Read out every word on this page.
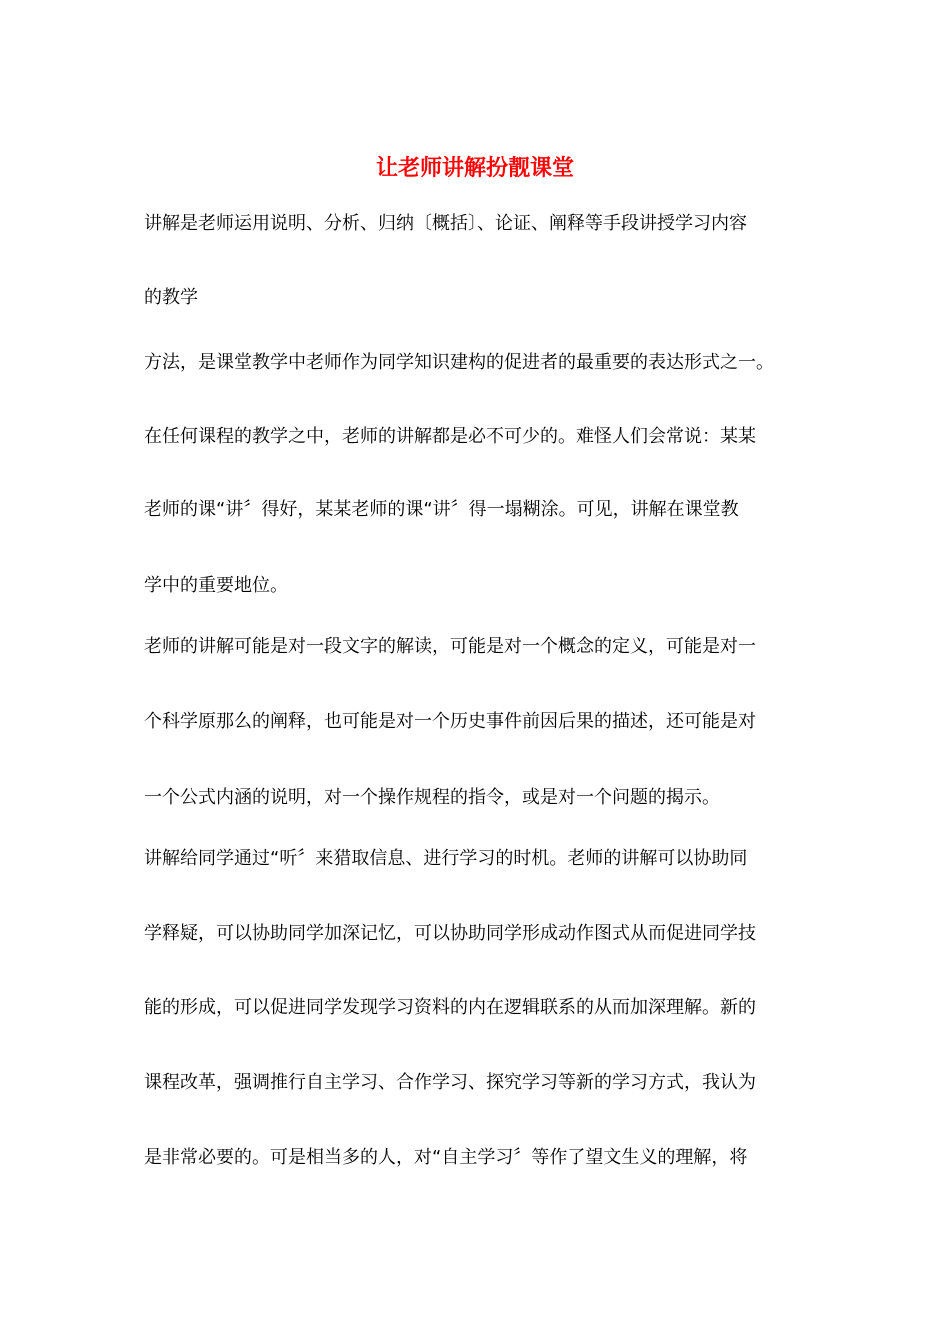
让老师讲解扮靓课堂
讲解是老师运用说明、分析、归纳〔概括〕、论证、阐释等手段讲授学习内容
的教学
方法，是课堂教学中老师作为同学知识建构的促进者的最重要的表达形式之一。
在任何课程的教学之中，老师的讲解都是必不可少的。难怪人们会常说：某某
老师的课“讲〞得好，某某老师的课“讲〞得一塌糊涂。可见，讲解在课堂教
学中的重要地位。
老师的讲解可能是对一段文字的解读，可能是对一个概念的定义，可能是对一
个科学原那么的阐释，也可能是对一个历史事件前因后果的描述，还可能是对
一个公式内涵的说明，对一个操作规程的指令，或是对一个问题的揭示。
讲解给同学通过“听〞来猎取信息、进行学习的时机。老师的讲解可以协助同
学释疑，可以协助同学加深记忆，可以协助同学形成动作图式从而促进同学技
能的形成，可以促进同学发现学习资料的内在逻辑联系的从而加深理解。新的
课程改革，强调推行自主学习、合作学习、探究学习等新的学习方式，我认为
是非常必要的。可是相当多的人，对“自主学习〞等作了望文生义的理解，将
